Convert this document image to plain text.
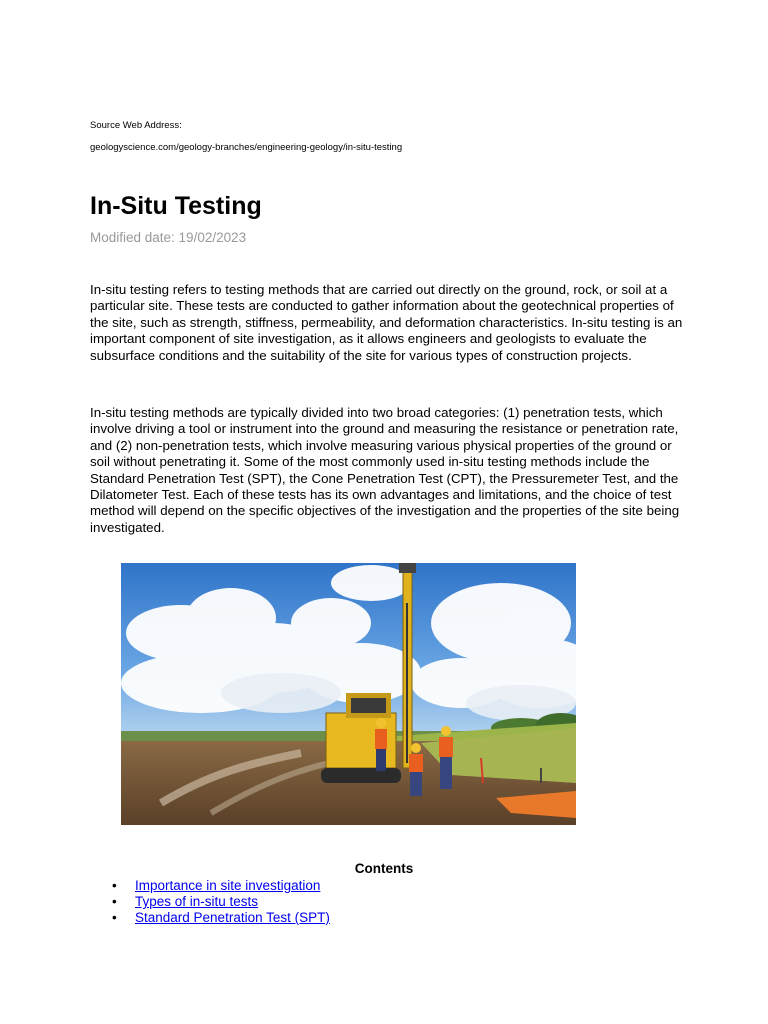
Source Web Address:
geologyscience.com/geology-branches/engineering-geology/in-situ-testing
In-Situ Testing
Modified date: 19/02/2023

In-situ testing refers to testing methods that are carried out directly on the ground, rock, or soil at a particular site. These tests are conducted to gather information about the geotechnical properties of the site, such as strength, stiffness, permeability, and deformation characteristics. In-situ testing is an important component of site investigation, as it allows engineers and geologists to evaluate the subsurface conditions and the suitability of the site for various types of construction projects.

In-situ testing methods are typically divided into two broad categories: (1) penetration tests, which involve driving a tool or instrument into the ground and measuring the resistance or penetration rate, and (2) non-penetration tests, which involve measuring various physical properties of the ground or soil without penetrating it. Some of the most commonly used in-situ testing methods include the Standard Penetration Test (SPT), the Cone Penetration Test (CPT), the Pressuremeter Test, and the Dilatometer Test. Each of these tests has its own advantages and limitations, and the choice of test method will depend on the specific objectives of the investigation and the properties of the site being investigated.

Contents
• Importance in site investigation
• Types of in-situ tests
• Standard Penetration Test (SPT)
